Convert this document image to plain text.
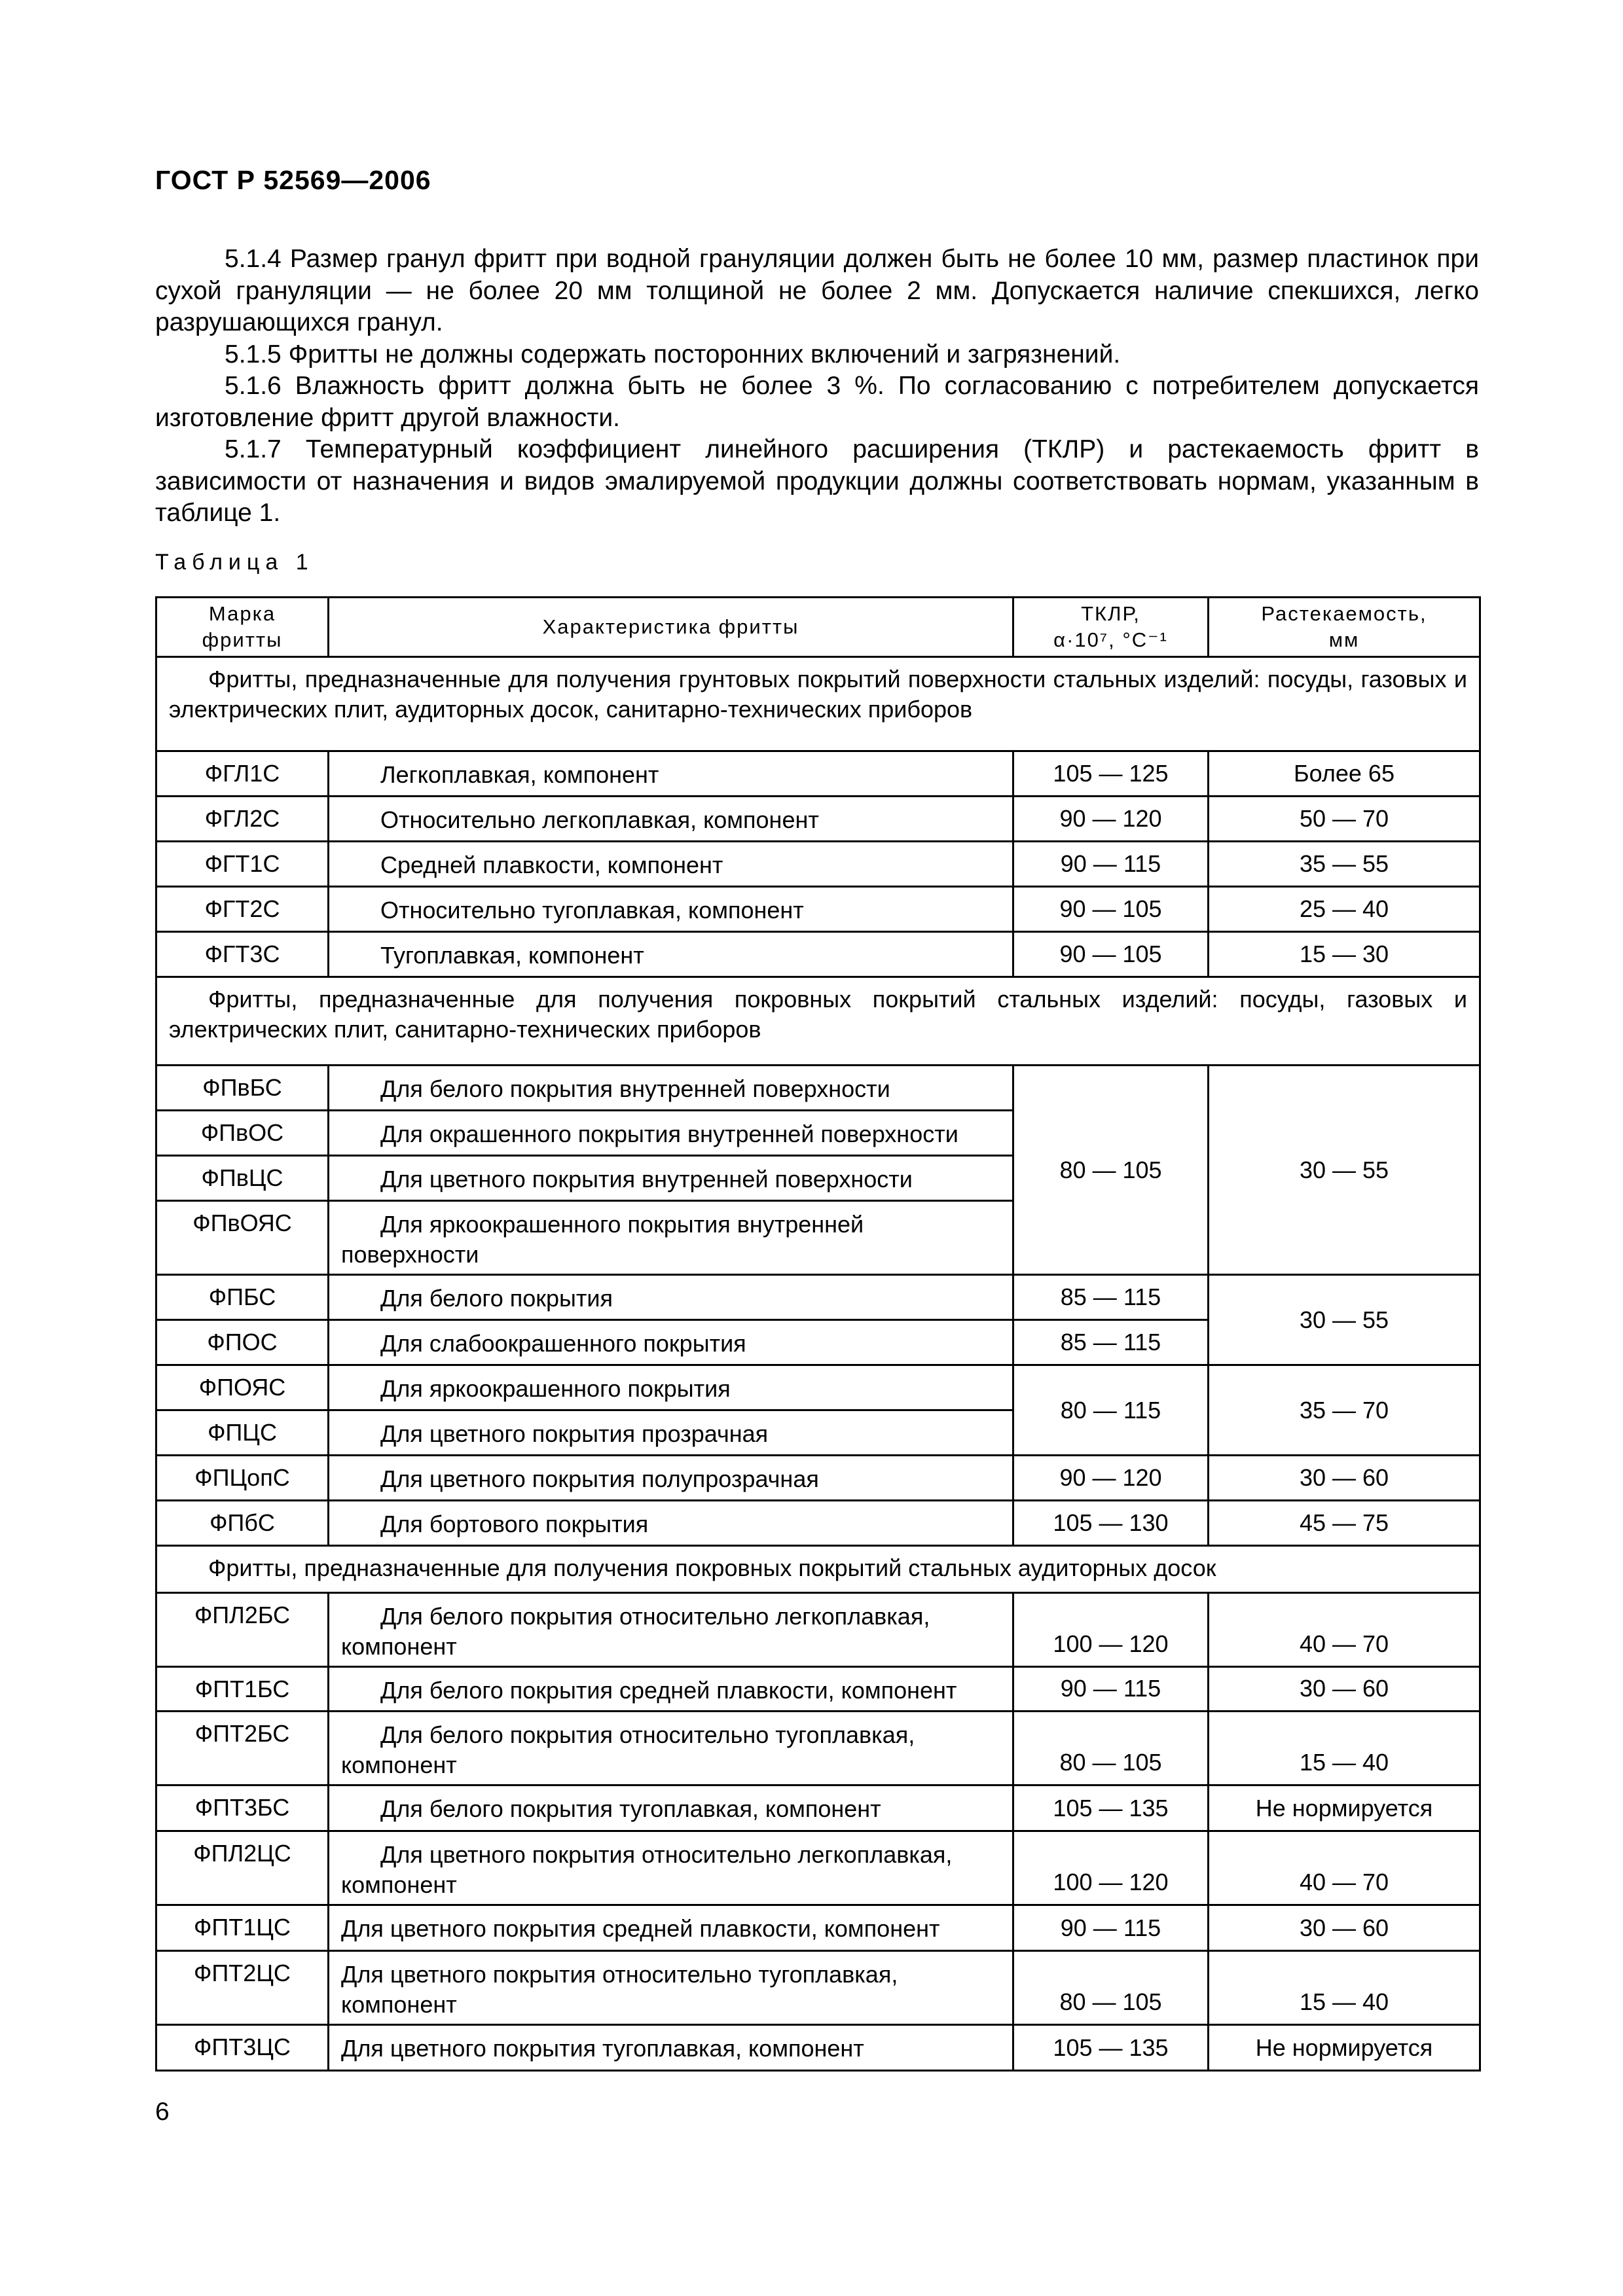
ГОСТ Р 52569—2006

5.1.4 Размер гранул фритт при водной грануляции должен быть не более 10 мм, размер пластинок при сухой грануляции — не более 20 мм толщиной не более 2 мм. Допускается наличие спекшихся, легко разрушающихся гранул.

5.1.5 Фритты не должны содержать посторонних включений и загрязнений.

5.1.6 Влажность фритт должна быть не более 3 %. По согласованию с потребителем допускается изготовление фритт другой влажности.

5.1.7 Температурный коэффициент линейного расширения (ТКЛР) и растекаемость фритт в зависимости от назначения и видов эмалируемой продукции должны соответствовать нормам, указанным в таблице 1.

Таблица 1
Марка фритты	Характеристика фритты	ТКЛР,
α·10⁷, °С⁻¹	Растекаемость,
мм
Фритты, предназначенные для получения грунтовых покрытий поверхности стальных изделий: посуды, газовых и электрических плит, аудиторных досок, санитарно-технических приборов			
ФГЛ1С	Легкоплавкая, компонент	105 — 125	Более 65
ФГЛ2С	Относительно легкоплавкая, компонент	90 — 120	50 — 70
ФГТ1С	Средней плавкости, компонент	90 — 115	35 — 55
ФГТ2С	Относительно тугоплавкая, компонент	90 — 105	25 — 40
ФГТ3С	Тугоплавкая, компонент	90 — 105	15 — 30
Фритты, предназначенные для получения покровных покрытий стальных изделий: посуды, газовых и электрических плит, санитарно-технических приборов			
ФПвБС	Для белого покрытия внутренней поверхности	80 — 105	30 — 55
ФПвОС	Для окрашенного покрытия внутренней поверхности		
ФПвЦС	Для цветного покрытия внутренней поверхности		
ФПвОЯС	Для яркоокрашенного покрытия внутренней поверхности		
ФПБС	Для белого покрытия	85 — 115	30 — 55
ФПОС	Для слабоокрашенного покрытия	85 — 115	
ФПОЯС	Для яркоокрашенного покрытия	80 — 115	35 — 70
ФПЦС	Для цветного покрытия прозрачная		
ФПЦопС	Для цветного покрытия полупрозрачная	90 — 120	30 — 60
ФПбС	Для бортового покрытия	105 — 130	45 — 75
Фритты, предназначенные для получения покровных покрытий стальных аудиторных досок			
ФПЛ2БС	Для белого покрытия относительно легкоплавкая, компонент	100 — 120	40 — 70
ФПТ1БС	Для белого покрытия средней плавкости, компонент	90 — 115	30 — 60
ФПТ2БС	Для белого покрытия относительно тугоплавкая, компонент	80 — 105	15 — 40
ФПТ3БС	Для белого покрытия тугоплавкая, компонент	105 — 135	Не нормируется
ФПЛ2ЦС	Для цветного покрытия относительно легкоплавкая, компонент	100 — 120	40 — 70
ФПТ1ЦС	Для цветного покрытия средней плавкости, компонент	90 — 115	30 — 60
ФПТ2ЦС	Для цветного покрытия относительно тугоплавкая, компонент	80 — 105	15 — 40
ФПТ3ЦС	Для цветного покрытия тугоплавкая, компонент	105 — 135	Не нормируется
6
